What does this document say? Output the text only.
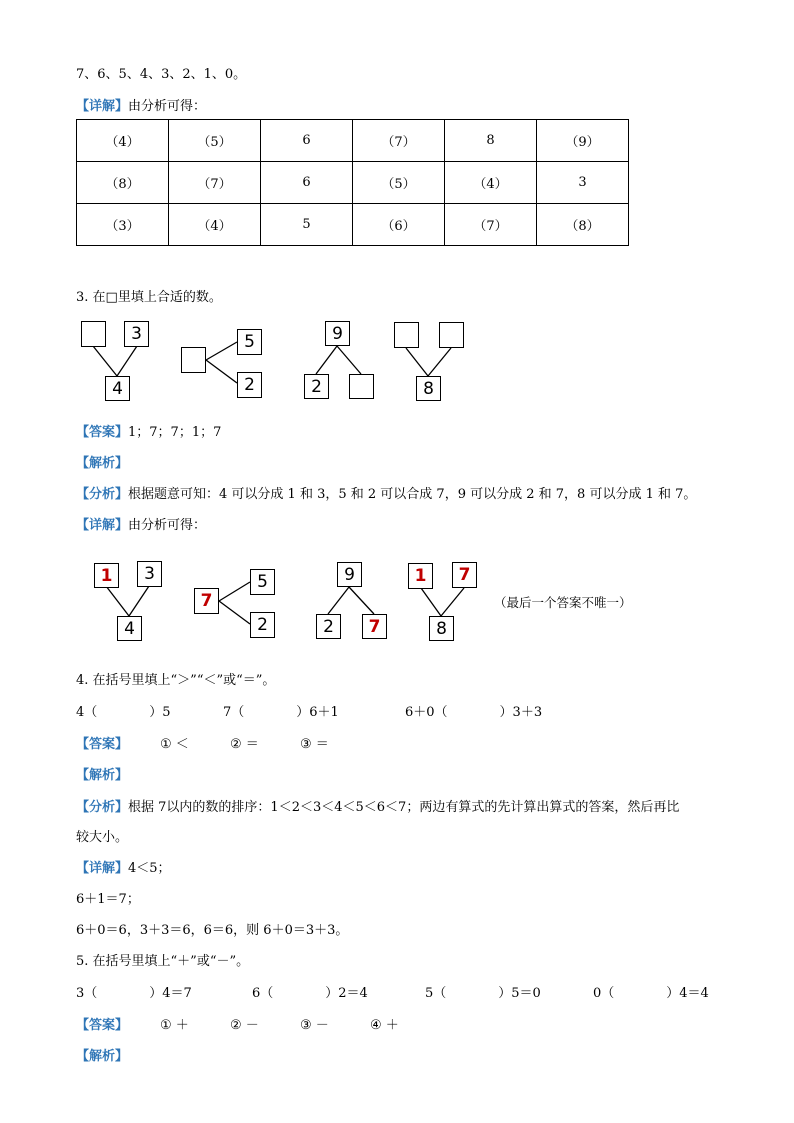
7、6、5、4、3、2、1、0。
【详解】由分析可得：
（4）	（5）	6	（7）	8	（9）
（8）	（7）	6	（5）	（4）	3
（3）	（4）	5	（6）	（7）	（8）
3. 在□里填上合适的数。
3
4
5
2
9
2	8
【答案】1；7；7；1；7
【解析】
【分析】根据题意可知：4 可以分成 1 和 3，5 和 2 可以合成 7，9 可以分成 2 和 7，8 可以分成 1 和 7。
【详解】由分析可得：
1	3
4
7
5
2
9
2	7
1 7
8
（最后一个答案不唯一）
4. 在括号里填上“＞”“＜”或“＝”。
4（　　　　）5	7（　　　　）6＋1	6＋0（　　　　）3＋3
【答案】 ① ＜	② ＝	③ ＝
【解析】
【分析】根据 7以内的数的排序：1＜2＜3＜4＜5＜6＜7；两边有算式的先计算出算式的答案，然后再比
较大小。
【详解】4＜5；
6＋1＝7；
6＋0＝6，3＋3＝6，6＝6，则 6＋0＝3＋3。
5. 在括号里填上“＋”或“－”。
3（　　　　）4＝7	6（　　　　）2＝4	5（　　　　）5＝0	0（　　　　）4＝4
【答案】 ① ＋	② －	③ －	④ ＋
【解析】
